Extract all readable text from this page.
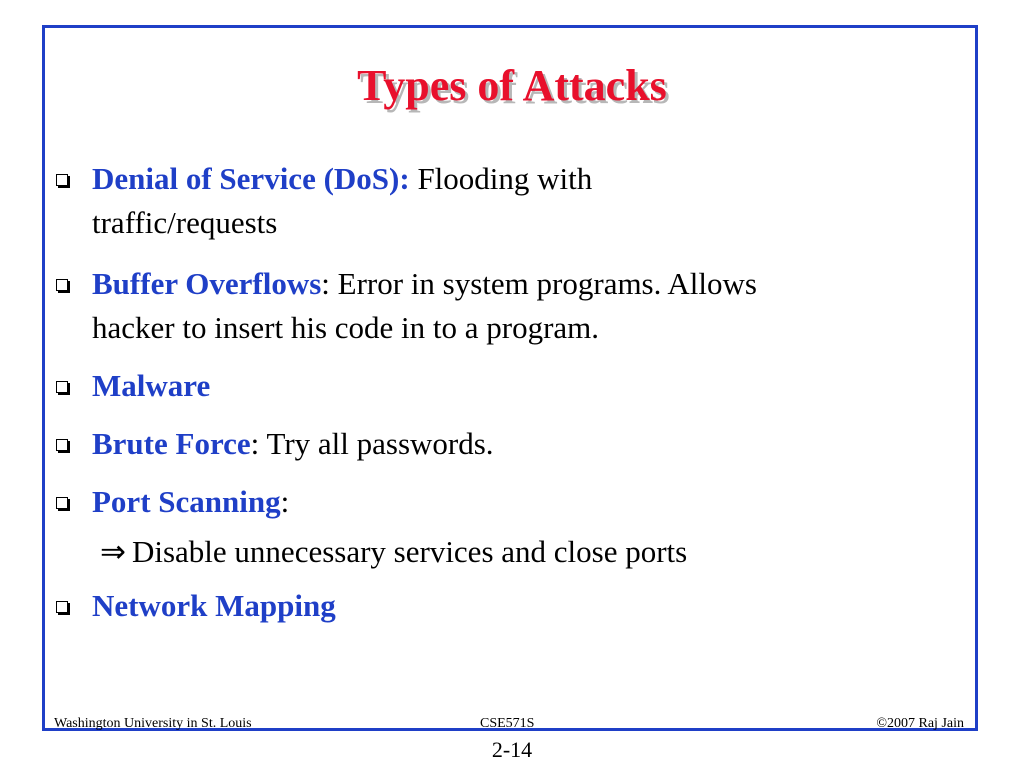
Types of Attacks
Denial of Service (DoS): Flooding with
traffic/requests
Buffer Overflows: Error in system programs. Allows
hacker to insert his code in to a program.
Malware
Brute Force: Try all passwords.
Port Scanning:
Network Mapping
⇒ Disable unnecessary services and close ports
Washington University in St. Louis	CSE571S	©2007 Raj Jain
2-14
